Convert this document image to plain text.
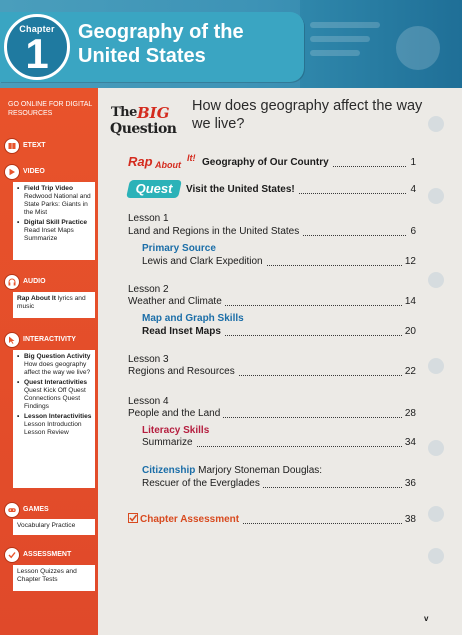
Chapter
1	Geography of the United States
GO ONLINE FOR DIGITAL RESOURCES
ETEXT
VIDEO
• Field Trip Video
Redwood National and State Parks: Giants in the Mist
• Digital Skill Practice
Read Inset Maps Summarize
AUDIO
Rap About It lyrics and music
INTERACTIVITY
• Big Question Activity
How does geography affect the way we live?
• Quest Interactivities
Quest Kick Off Quest Connections Quest Findings
• Lesson Interactivities
Lesson Introduction Lesson Review
GAMES
Vocabulary Practice
ASSESSMENT
Lesson Quizzes and Chapter Tests
The BIG
Question
How does geography affect the way we live?
Rap About
It! Geography of Our Country	1
Quest	Visit the United States!	4
Lesson 1
Land and Regions in the United States	6
Primary Source
Lewis and Clark Expedition	12
Lesson 2
Weather and Climate	14
Map and Graph Skills
Read Inset Maps	20
Lesson 3
Regions and Resources	22
Lesson 4
People and the Land	28
Literacy Skills
Summarize	34
Citizenship Marjory Stoneman Douglas:
Rescuer of the Everglades	36
Chapter Assessment	38
v
